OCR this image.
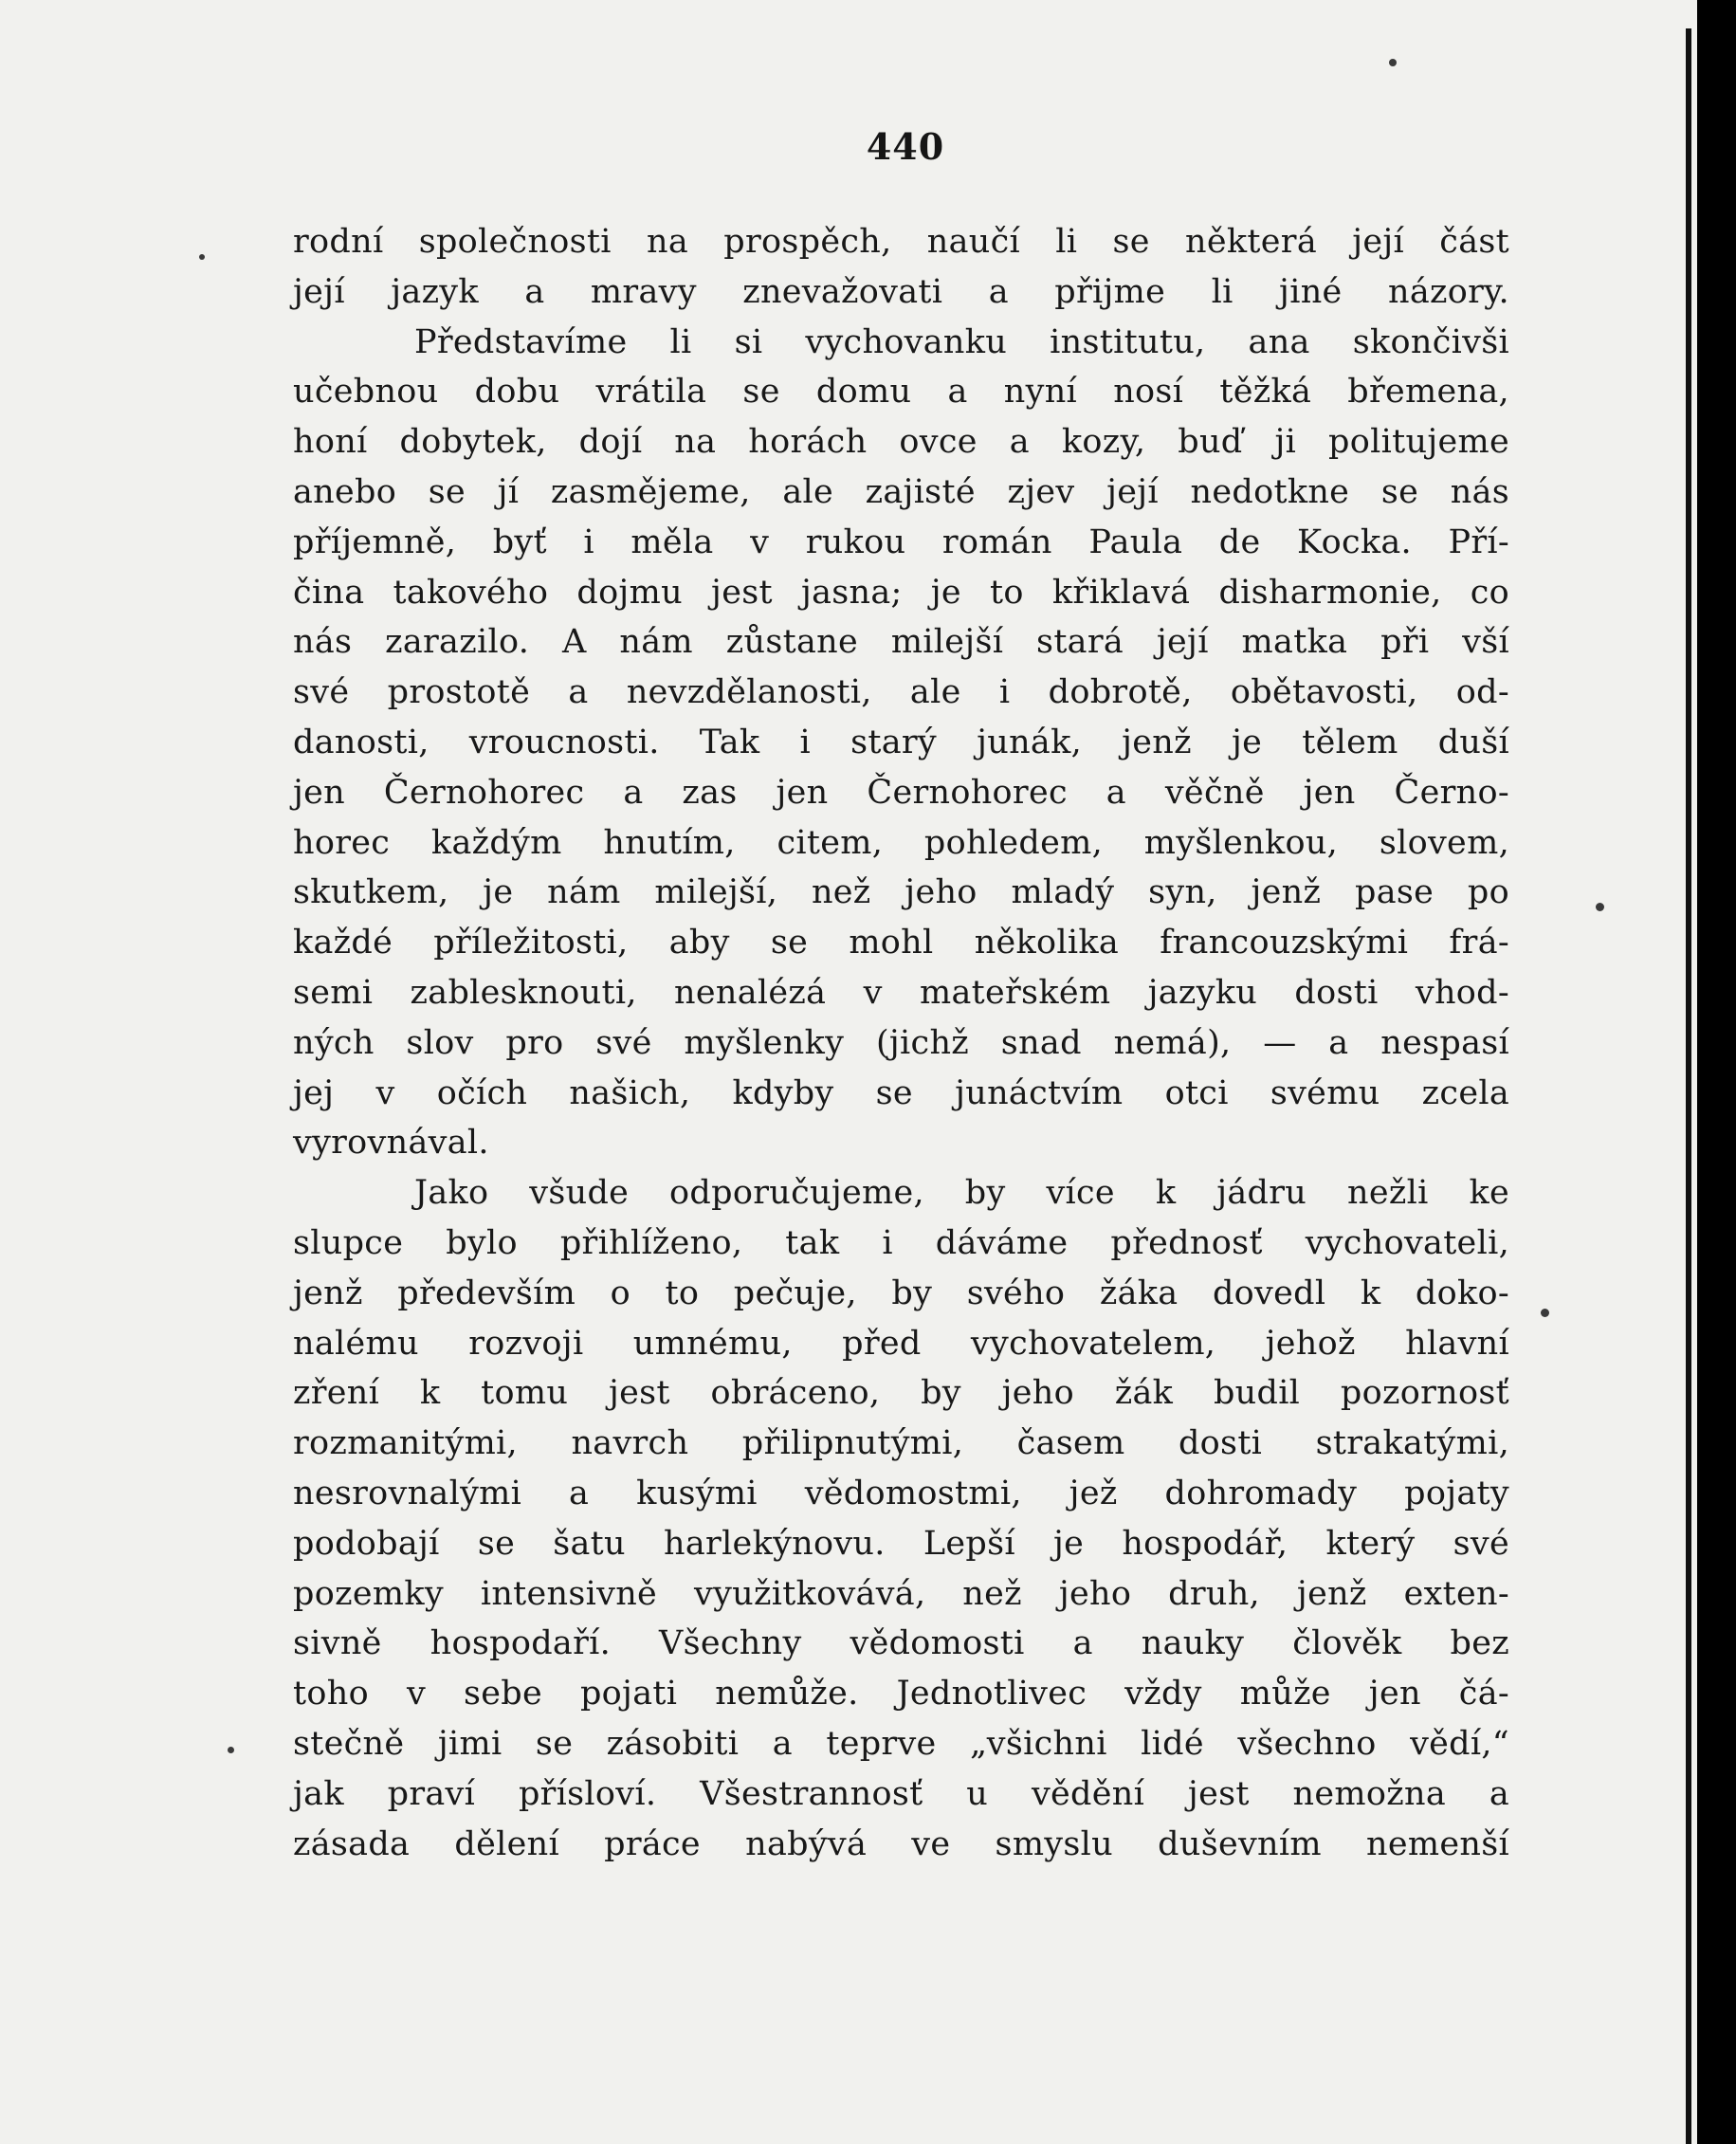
440
rodní společnosti na prospěch, naučí li se některá její část
její jazyk a mravy znevažovati a přijme li jiné názory.
Představíme li si vychovanku institutu, ana skončivši
učebnou dobu vrátila se domu a nyní nosí těžká břemena,
honí dobytek, dojí na horách ovce a kozy, buď ji politujeme
anebo se jí zasmějeme, ale zajisté zjev její nedotkne se nás
příjemně, byť i měla v rukou román Paula de Kocka. Pří-
čina takového dojmu jest jasna; je to křiklavá disharmonie, co
nás zarazilo. A nám zůstane milejší stará její matka při vší
své prostotě a nevzdělanosti, ale i dobrotě, obětavosti, od-
danosti, vroucnosti. Tak i starý junák, jenž je tělem duší
jen Černohorec a zas jen Černohorec a věčně jen Černo-
horec každým hnutím, citem, pohledem, myšlenkou, slovem,
skutkem, je nám milejší, než jeho mladý syn, jenž pase po
každé příležitosti, aby se mohl několika francouzskými frá-
semi zablesknouti, nenalézá v mateřském jazyku dosti vhod-
ných slov pro své myšlenky (jichž snad nemá), — a nespasí
jej v očích našich, kdyby se junáctvím otci svému zcela
vyrovnával.
Jako všude odporučujeme, by více k jádru nežli ke
slupce bylo přihlíženo, tak i dáváme přednosť vychovateli,
jenž především o to pečuje, by svého žáka dovedl k doko-
nalému rozvoji umnému, před vychovatelem, jehož hlavní
zření k tomu jest obráceno, by jeho žák budil pozornosť
rozmanitými, navrch přilipnutými, časem dosti strakatými,
nesrovnalými a kusými vědomostmi, jež dohromady pojaty
podobají se šatu harlekýnovu. Lepší je hospodář, který své
pozemky intensivně využitkovává, než jeho druh, jenž exten-
sivně hospodaří. Všechny vědomosti a nauky člověk bez
toho v sebe pojati nemůže. Jednotlivec vždy může jen čá-
stečně jimi se zásobiti a teprve „všichni lidé všechno vědí,“
jak praví přísloví. Všestrannosť u vědění jest nemožna a
zásada dělení práce nabývá ve smyslu duševním nemenší
